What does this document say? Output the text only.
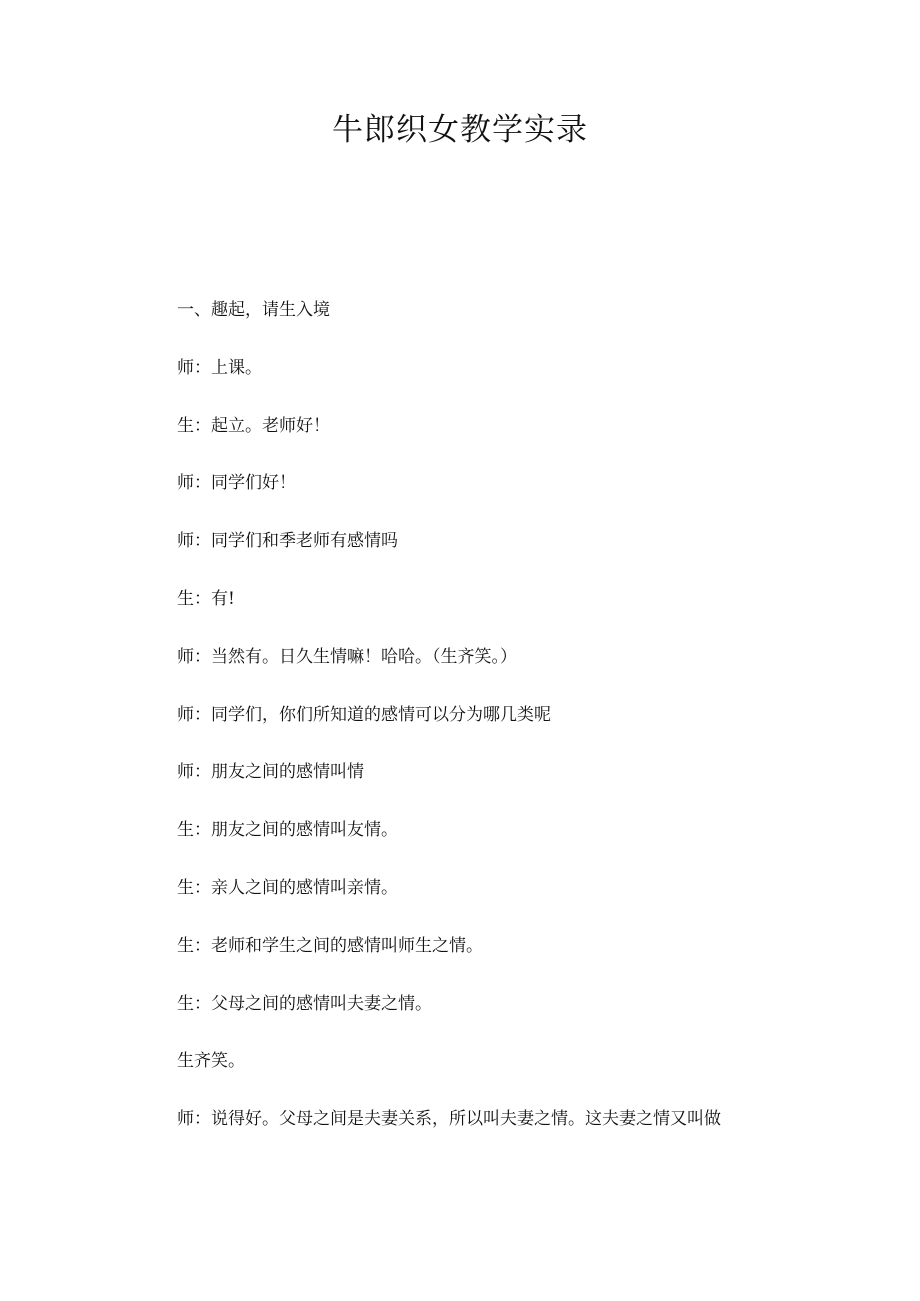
牛郎织女教学实录
一、趣起，请生入境
师：上课。
生：起立。老师好！
师：同学们好！
师：同学们和季老师有感情吗
生：有!
师：当然有。日久生情嘛！哈哈。（生齐笑。）
师：同学们，你们所知道的感情可以分为哪几类呢
师：朋友之间的感情叫情
生：朋友之间的感情叫友情。
生：亲人之间的感情叫亲情。
生：老师和学生之间的感情叫师生之情。
生：父母之间的感情叫夫妻之情。
生齐笑。
师：说得好。父母之间是夫妻关系，所以叫夫妻之情。这夫妻之情又叫做
